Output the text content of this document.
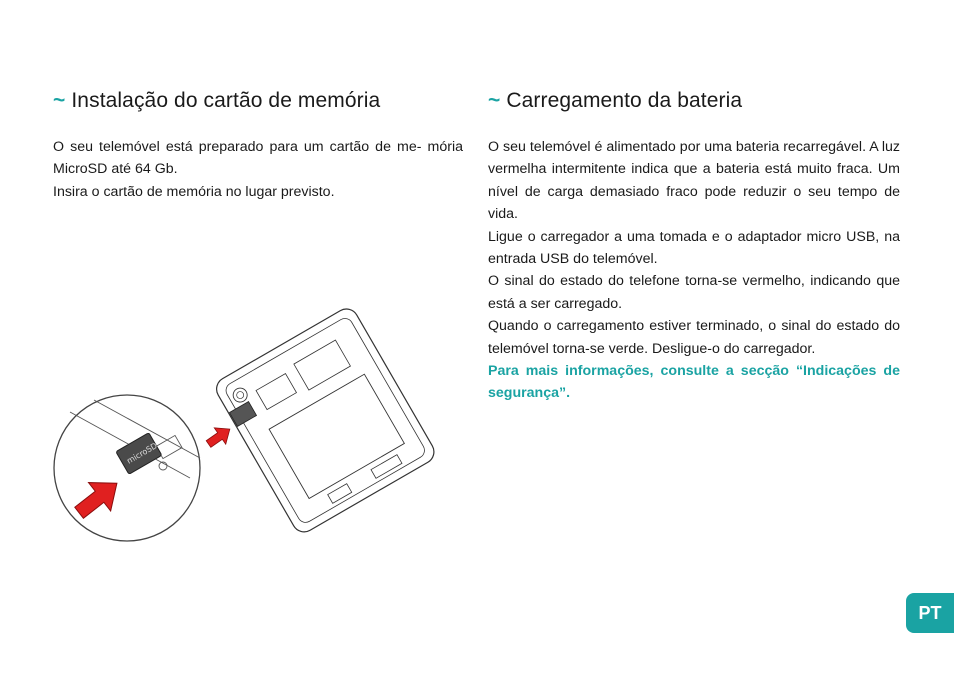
~ Instalação do cartão de memória

O seu telemóvel está preparado para um cartão de me- mória MicroSD até 64 Gb.

Insira o cartão de memória no lugar previsto.

microSD
~ Carregamento da bateria

O seu telemóvel é alimentado por uma bateria recarregável. A luz vermelha intermitente indica que a bateria está muito fraca. Um nível de carga demasiado fraco pode reduzir o seu tempo de vida.

Ligue o carregador a uma tomada e o adaptador micro USB, na entrada USB do telemóvel.

O sinal do estado do telefone torna-se vermelho, indicando que está a ser carregado.

Quando o carregamento estiver terminado, o sinal do estado do telemóvel torna-se verde. Desligue-o do carregador.

Para mais informações, consulte a secção “Indicações de segurança”.

PT
